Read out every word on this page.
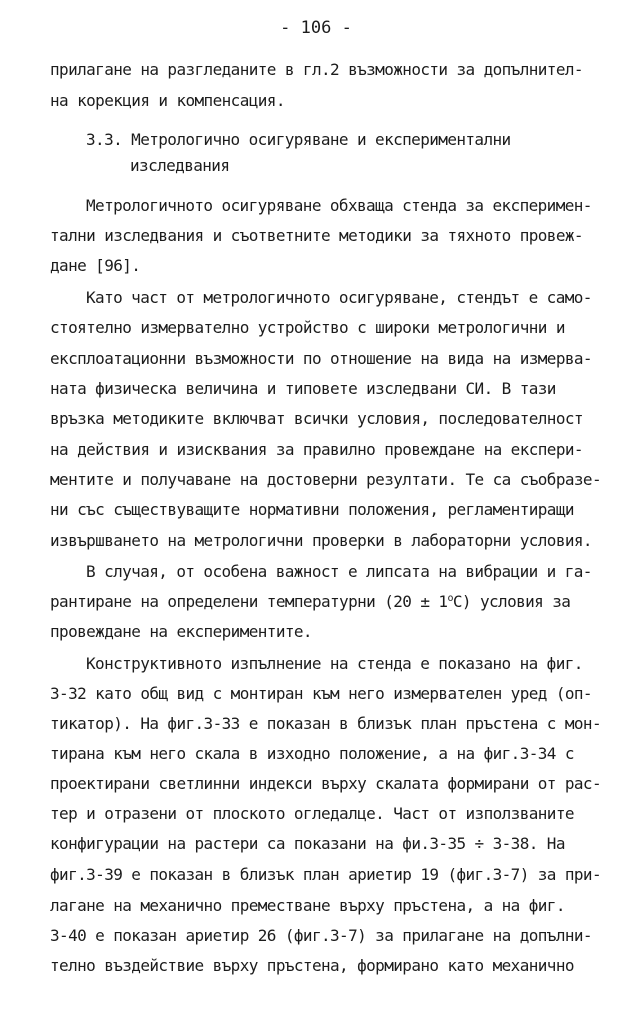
- 106 -
прилагане на разгледаните в гл.2 възможности за допълнител-
на корекция и компенсация.
3.3. Метрологично осигуряване и експериментални
изследвания
Метрологичното осигуряване обхваща стенда за експеримен-
тални изследвания и съответните методики за тяхното провеж-
дане [96].
Като част от метрологичното осигуряване, стендът е само-
стоятелно измервателно устройство с широки метрологични и
експлоатационни възможности по отношение на вида на измерва-
ната физическа величина и типовете изследвани СИ. В тази
връзка методиките включват всички условия, последователност
на действия и изисквания за правилно провеждане на експери-
ментите и получаване на достоверни резултати. Те са съобразе-
ни със съществуващите нормативни положения, регламентиращи
извършването на метрологични проверки в лабораторни условия.
В случая, от особена важност е липсата на вибрации и га-
рантиране на определени температурни $(20 \pm 1^oC)$ условия за
провеждане на експериментите.
Конструктивното изпълнение на стенда е показано на фиг.
3-32 като общ вид с монтиран към него измервателен уред (оп-
тикатор). На фиг.3-33 е показан в близък план пръстена с мон-
тирана към него скала в изходно положение, а на фиг.3-34 с
проектирани светлинни индекси върху скалата формирани от рас-
тер и отразени от плоското огледалце. Част от използваните
конфигурации на растери са показани на фи.3-35 ÷ 3-38. На
фиг.3-39 е показан в близък план ариетир 19 (фиг.3-7) за при-
лагане на механично преместване върху пръстена, а на фиг.
3-40 е показан ариетир 26 (фиг.3-7) за прилагане на допълни-
телно въздействие върху пръстена, формирано като механично
